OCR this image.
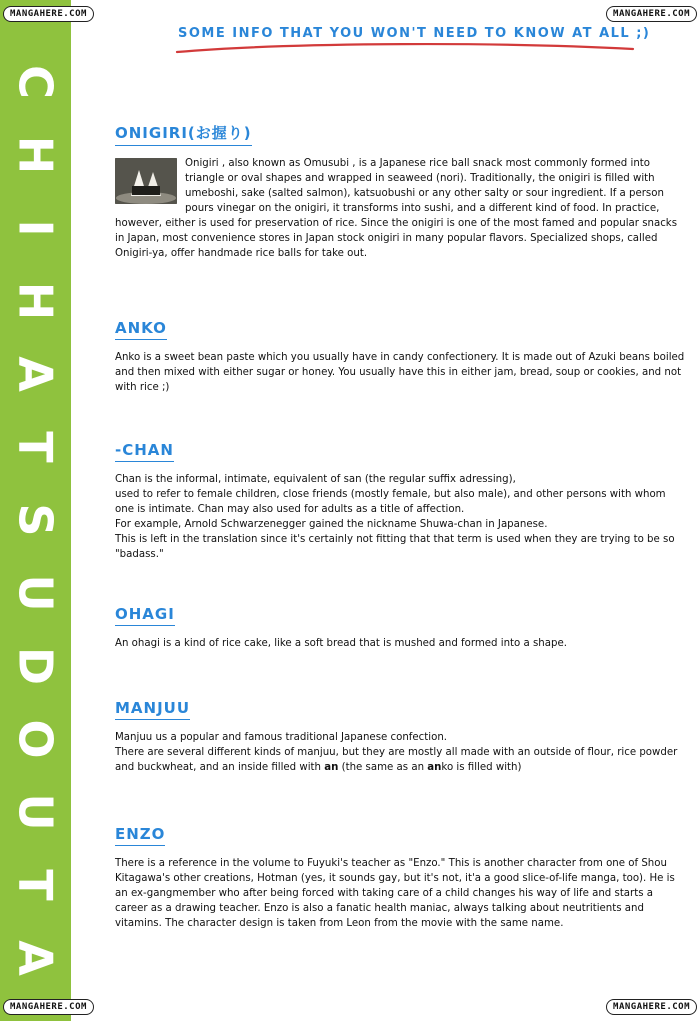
C
H
I
H
A
T
S
U
D
O
U
T
A
MANGAHERE.COM	MANGAHERE.COM
MANGAHERE.COM	MANGAHERE.COM
SOME INFO THAT YOU WON'T NEED TO KNOW AT ALL ;)
ONIGIRI(お握り)

Onigiri , also known as Omusubi , is a Japanese rice ball snack most commonly formed into triangle or oval shapes and wrapped in seaweed (nori). Traditionally, the onigiri is filled with umeboshi, sake (salted salmon), katsuobushi or any other salty or sour ingredient. If a person pours vinegar on the onigiri, it transforms into sushi, and a different kind of food. In practice, however, either is used for preservation of rice. Since the onigiri is one of the most famed and popular snacks in Japan, most convenience stores in Japan stock onigiri in many popular flavors. Specialized shops, called Onigiri-ya, offer handmade rice balls for take out.

ANKO

Anko is a sweet bean paste which you usually have in candy confectionery. It is made out of Azuki beans boiled and then mixed with either sugar or honey. You usually have this in either jam, bread, soup or cookies, and not with rice ;)

-CHAN

Chan is the informal, intimate, equivalent of san (the regular suffix adressing),
used to refer to female children, close friends (mostly female, but also male), and other persons with whom one is intimate. Chan may also used for adults as a title of affection.
For example, Arnold Schwarzenegger gained the nickname Shuwa-chan in Japanese.
This is left in the translation since it's certainly not fitting that that term is used when they are trying to be so "badass."

OHAGI

An ohagi is a kind of rice cake, like a soft bread that is mushed and formed into a shape.

MANJUU

Manjuu us a popular and famous traditional Japanese confection.
There are several different kinds of manjuu, but they are mostly all made with an outside of flour, rice powder and buckwheat, and an inside filled with an (the same as an anko is filled with)

ENZO

There is a reference in the volume to Fuyuki's teacher as "Enzo." This is another character from one of Shou Kitagawa's other creations, Hotman (yes, it sounds gay, but it's not, it'a a good slice-of-life manga, too). He is an ex-gangmember who after being forced with taking care of a child changes his way of life and starts a career as a drawing teacher. Enzo is also a fanatic health maniac, always talking about neutritients and vitamins. The character design is taken from Leon from the movie with the same name.
